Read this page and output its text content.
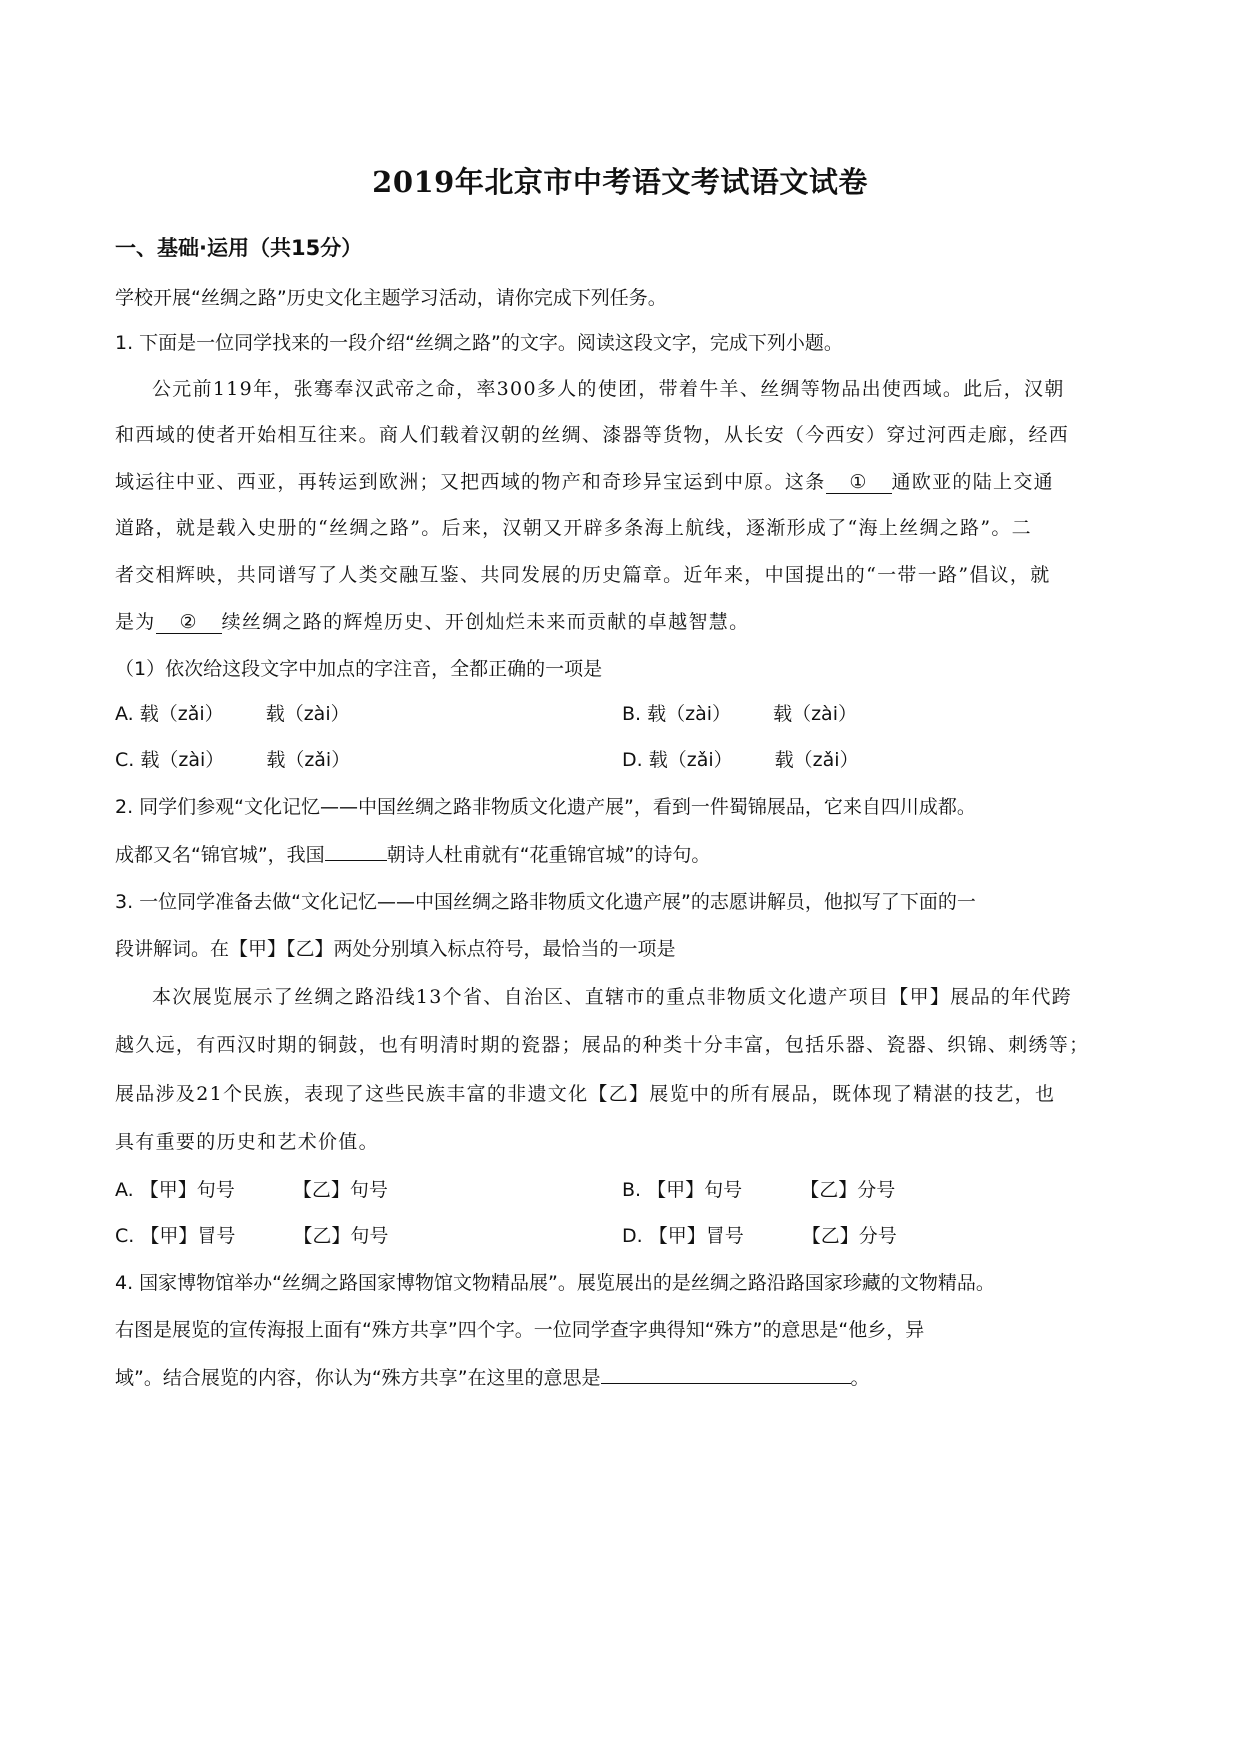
2019年北京市中考语文考试语文试卷
一、基础·运用（共15分）
学校开展“丝绸之路”历史文化主题学习活动，请你完成下列任务。
1. 下面是一位同学找来的一段介绍“丝绸之路”的文字。阅读这段文字，完成下列小题。
公元前119年，张骞奉汉武帝之命，率300多人的使团，带着牛羊、丝绸等物品出使西域。此后，汉朝
和西域的使者开始相互往来。商人们载着汉朝的丝绸、漆器等货物，从长安（今西安）穿过河西走廊，经西
域运往中亚、西亚，再转运到欧洲；又把西域的物产和奇珍异宝运到中原。这条 ① 通欧亚的陆上交通
道路，就是载入史册的“丝绸之路”。后来，汉朝又开辟多条海上航线，逐渐形成了“海上丝绸之路”。二
者交相辉映，共同谱写了人类交融互鉴、共同发展的历史篇章。近年来，中国提出的“一带一路”倡议，就
是为 ② 续丝绸之路的辉煌历史、开创灿烂未来而贡献的卓越智慧。
（1）依次给这段文字中加点的字注音，全都正确的一项是
A. 载（zǎi） 载（zài）	B. 载（zài） 载（zài）
C. 载（zài） 载（zǎi）	D. 载（zǎi） 载（zǎi）
2. 同学们参观“文化记忆——中国丝绸之路非物质文化遗产展”，看到一件蜀锦展品，它来自四川成都。
成都又名“锦官城”，我国	朝诗人杜甫就有“花重锦官城”的诗句。
3. 一位同学准备去做“文化记忆——中国丝绸之路非物质文化遗产展”的志愿讲解员，他拟写了下面的一
段讲解词。在【甲】【乙】两处分别填入标点符号，最恰当的一项是
本次展览展示了丝绸之路沿线13个省、自治区、直辖市的重点非物质文化遗产项目【甲】展品的年代跨
越久远，有西汉时期的铜鼓，也有明清时期的瓷器；展品的种类十分丰富，包括乐器、瓷器、织锦、刺绣等；
展品涉及21个民族，表现了这些民族丰富的非遗文化【乙】展览中的所有展品，既体现了精湛的技艺，也
具有重要的历史和艺术价值。
A. 【甲】句号	【乙】句号	B. 【甲】句号	【乙】分号
C. 【甲】冒号	【乙】句号	D. 【甲】冒号	【乙】分号
4. 国家博物馆举办“丝绸之路国家博物馆文物精品展”。展览展出的是丝绸之路沿路国家珍藏的文物精品。
右图是展览的宣传海报上面有“殊方共享”四个字。一位同学查字典得知“殊方”的意思是“他乡，异
域”。结合展览的内容，你认为“殊方共享”在这里的意思是	。
